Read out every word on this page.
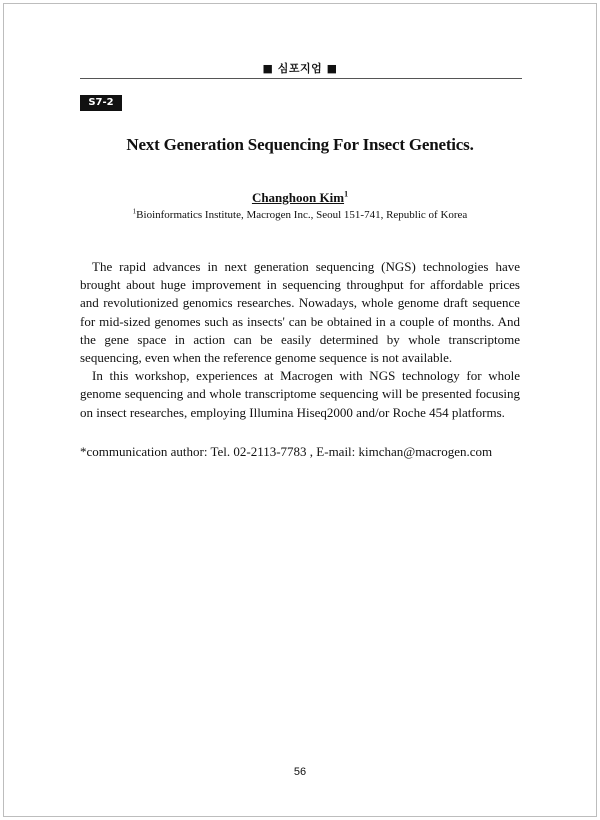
■ 심포지엄 ■
S7-2
Next Generation Sequencing For Insect Genetics.
Changhoon Kim$^1$
$^1$Bioinformatics Institute, Macrogen Inc., Seoul 151-741, Republic of Korea

The rapid advances in next generation sequencing (NGS) technologies have brought about huge improvement in sequencing throughput for affordable prices and revolutionized genomics researches. Nowadays, whole genome draft sequence for mid-sized genomes such as insects' can be obtained in a couple of months. And the gene space in action can be easily determined by whole transcriptome sequencing, even when the reference genome sequence is not available.

In this workshop, experiences at Macrogen with NGS technology for whole genome sequencing and whole transcriptome sequencing will be presented focusing on insect researches, employing Illumina Hiseq2000 and/or Roche 454 platforms.

*communication author: Tel. 02-2113-7783 , E-mail: kimchan@macrogen.com
56
